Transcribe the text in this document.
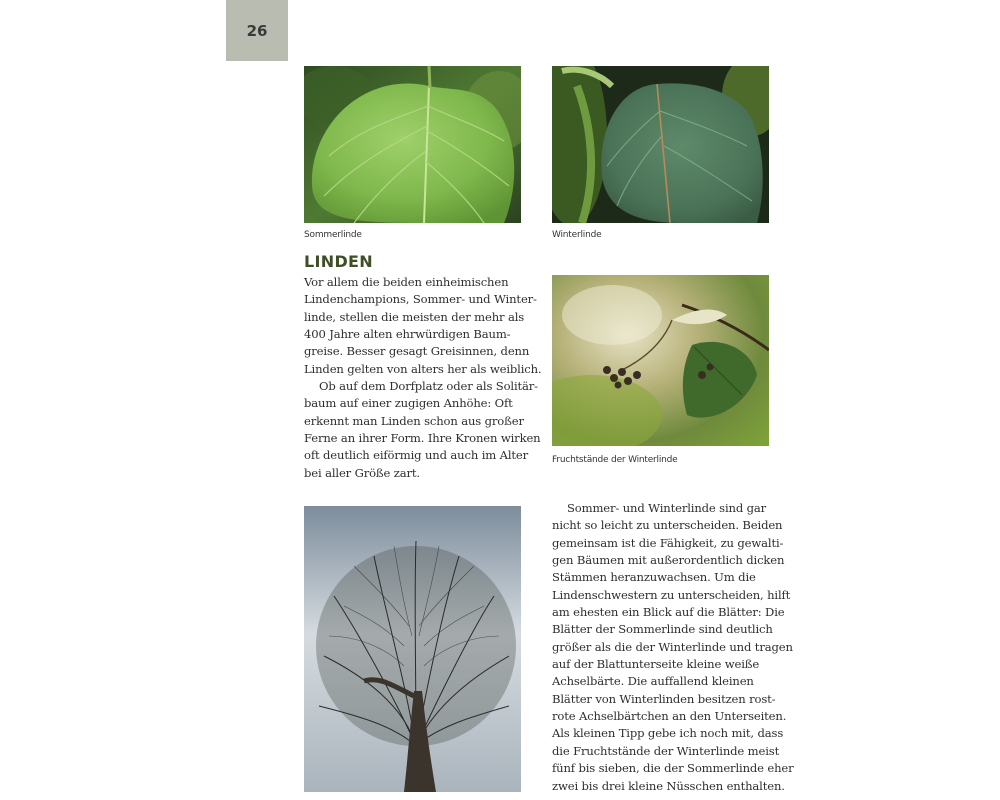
26
Sommerlinde	Winterlinde
LINDEN
Vor allem die beiden einheimischen
Lindenchampions, Sommer- und Winter-
linde, stellen die meisten der mehr als
400 Jahre alten ehrwürdigen Baum-
greise. Besser gesagt Greisinnen, denn
Linden gelten von alters her als weiblich.
Ob auf dem Dorfplatz oder als Solitär-
baum auf einer zugigen Anhöhe: Oft
erkennt man Linden schon aus großer
Ferne an ihrer Form. Ihre Kronen wirken
oft deutlich eiförmig und auch im Alter
bei aller Größe zart.
Fruchtstände der Winterlinde
Sommer- und Winterlinde sind gar
nicht so leicht zu unterscheiden. Beiden
gemeinsam ist die Fähigkeit, zu gewalti-
gen Bäumen mit außerordentlich dicken
Stämmen heranzuwachsen. Um die
Lindenschwestern zu unterscheiden, hilft
am ehesten ein Blick auf die Blätter: Die
Blätter der Sommerlinde sind deutlich
größer als die der Winterlinde und tragen
auf der Blattunterseite kleine weiße
Achselbärte. Die auffallend kleinen
Blätter von Winterlinden besitzen rost-
rote Achselbärtchen an den Unterseiten.
Als kleinen Tipp gebe ich noch mit, dass
die Fruchtstände der Winterlinde meist
fünf bis sieben, die der Sommerlinde eher
zwei bis drei kleine Nüsschen enthalten.
